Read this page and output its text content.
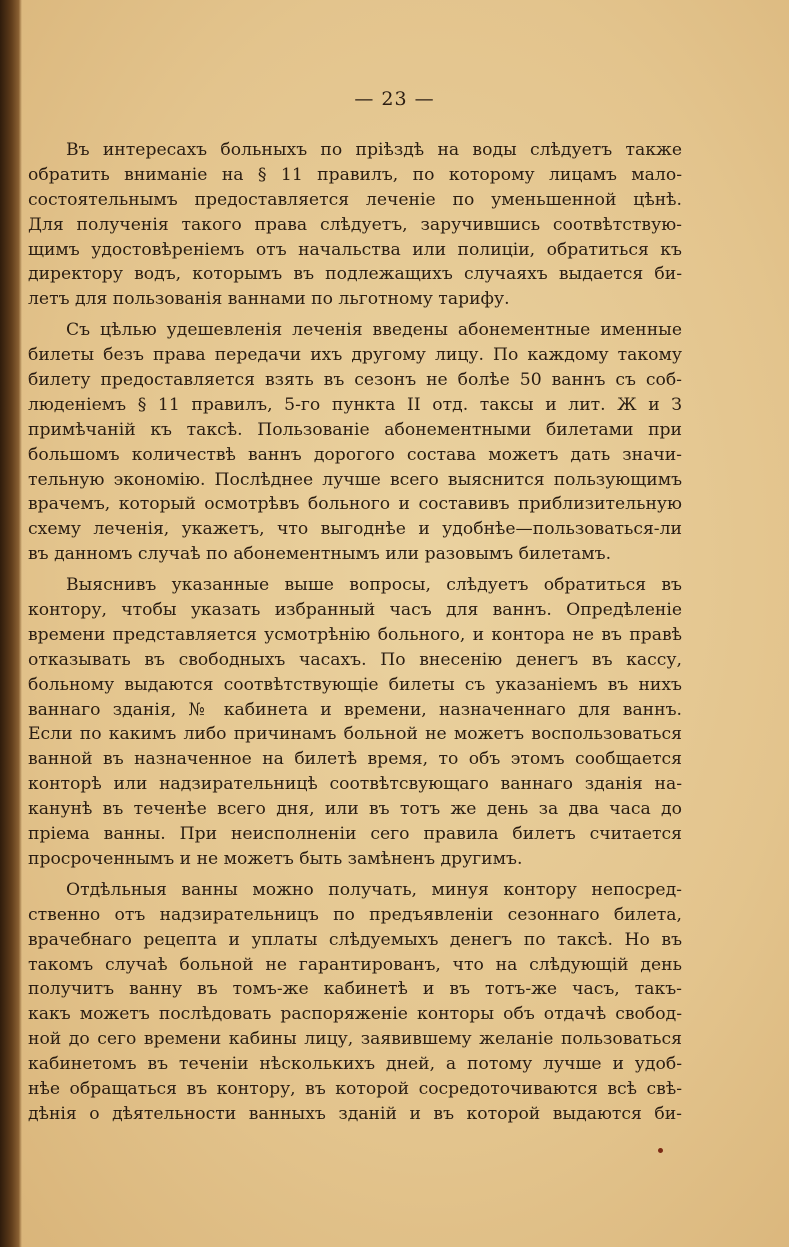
— 23 —

Въ интересахъ больныхъ по пріѣздѣ на воды слѣдуетъ также
обратить вниманіе на § 11 правилъ, по которому лицамъ мало-
состоятельнымъ предоставляется леченіе по уменьшенной цѣнѣ.
Для полученія такого права слѣдуетъ, заручившись соотвѣтствую-
щимъ удостовѣреніемъ отъ начальства или полиціи, обратиться къ
директору водъ, которымъ въ подлежащихъ случаяхъ выдается би-
летъ для пользованія ваннами по льготному тарифу.

Съ цѣлью удешевленія леченія введены абонементные именные
билеты безъ права передачи ихъ другому лицу. По каждому такому
билету предоставляется взять въ сезонъ не болѣе 50 ваннъ съ соб-
людeніемъ § 11 правилъ, 5-го пункта II отд. таксы и лит. Ж и З
примѣчаній къ таксѣ. Пользованіе абонементными билетами при
большомъ количествѣ ваннъ дорогого состава можетъ дать значи-
тельную экономію. Послѣднее лучше всего выяснится пользующимъ
врачемъ, который осмотрѣвъ больного и составивъ приблизительную
схему леченія, укажетъ, что выгоднѣе и удобнѣе—пользоваться-ли
въ данномъ случаѣ по абонементнымъ или разовымъ билетамъ.

Выяснивъ указанные выше вопросы, слѣдуетъ обратиться въ
контору, чтобы указать избранный часъ для ваннъ. Опредѣленіе
времени представляется усмотрѣнію больного, и контора не въ правѣ
отказывать въ свободныхъ часахъ. По внесенію денегъ въ кассу,
больному выдаются соотвѣтствующіе билеты съ указаніемъ въ нихъ
ваннаго зданія, № кабинета и времени, назначеннаго для ваннъ.
Если по какимъ либо причинамъ больной не можетъ воспользоваться
ванной въ назначенное на билетѣ время, то объ этомъ сообщается
конторѣ или надзирательницѣ соотвѣтсвующаго ваннаго зданія на-
канунѣ въ теченѣе всего дня, или въ тотъ же день за два часа до
пріема ванны. При неисполненіи сего правила билетъ считается
просроченнымъ и не можетъ быть замѣненъ другимъ.

Отдѣльныя ванны можно получать, минуя контору непосред-
ственно отъ надзирательницъ по предъявленіи сезоннаго билета,
врачебнаго рецепта и уплаты слѣдуемыхъ денегъ по таксѣ. Но въ
такомъ случаѣ больной не гарантированъ, что на слѣдующій день
получитъ ванну въ томъ-же кабинетѣ и въ тотъ-же часъ, такъ-
какъ можетъ послѣдовать распоряженіе конторы объ отдачѣ свобод-
ной до сего времени кабины лицу, заявившему желаніе пользоваться
кабинетомъ въ теченіи нѣсколькихъ дней, а потому лучше и удоб-
нѣе обращаться въ контору, въ которой сосредоточиваются всѣ свѣ-
дѣнія о дѣятельности ванныхъ зданій и въ которой выдаются би-
